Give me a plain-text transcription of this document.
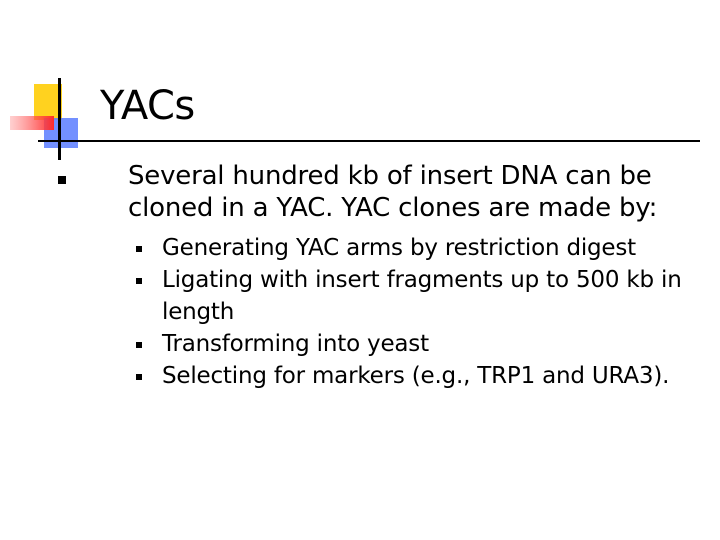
YACs
Several hundred kb of insert DNA can be cloned in a YAC. YAC clones are made by:
Generating YAC arms by restriction digest
Ligating with insert fragments up to 500 kb in length
Transforming into yeast
Selecting for markers (e.g., TRP1 and URA3).
